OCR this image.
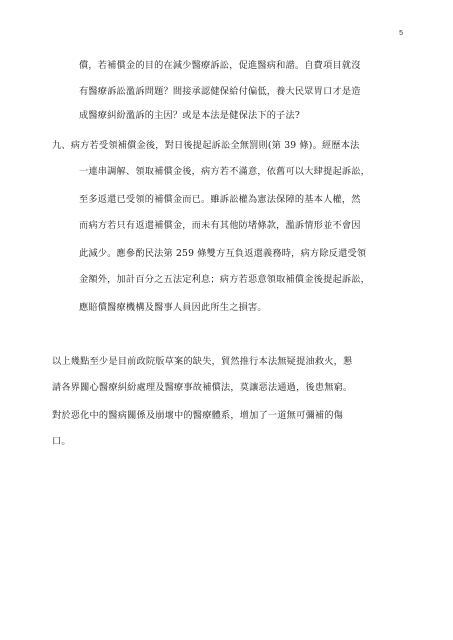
5
償，若補償金的目的在減少醫療訴訟，促進醫病和諧。自費項目就沒
有醫療訴訟濫訴問題？間接承認健保給付偏低，養大民眾胃口才是造
成醫療糾紛濫訴的主因？或是本法是健保法下的子法?
九、病方若受領補償金後，對日後提起訴訟全無罰則(第 39 條)。經歷本法
一連串調解、領取補償金後，病方若不滿意，依舊可以大肆提起訴訟，
至多返還已受領的補償金而已。雖訴訟權為憲法保障的基本人權，然
而病方若只有返還補償金，而未有其他防堵條款，濫訴情形並不會因
此減少。應參酌民法第 259 條雙方互負返還義務時，病方除反還受領
金額外，加計百分之五法定利息；病方若惡意領取補償金後提起訴訟，
應賠償醫療機構及醫事人員因此所生之損害。
以上幾點至少是目前政院版草案的缺失，貿然推行本法無疑提油救火，懇
請各界關心醫療糾紛處理及醫療事故補償法，莫讓惡法通過，後患無窮。
對於惡化中的醫病關係及崩壞中的醫療體系，增加了一道無可彌補的傷
口。
